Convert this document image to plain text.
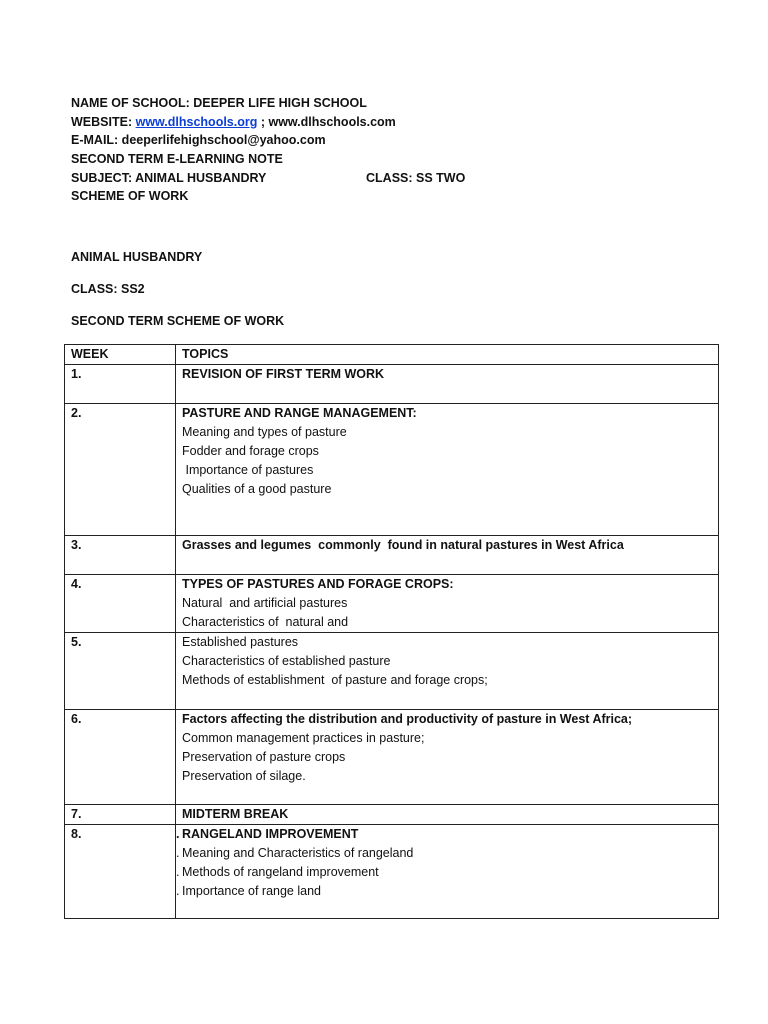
NAME OF SCHOOL: DEEPER LIFE HIGH SCHOOL
WEBSITE: www.dlhschools.org ; www.dlhschools.com
E-MAIL: deeperlifehighschool@yahoo.com
SECOND TERM E-LEARNING NOTE
SUBJECT: ANIMAL HUSBANDRY	CLASS: SS TWO
SCHEME OF WORK
ANIMAL HUSBANDRY
CLASS: SS2
SECOND TERM SCHEME OF WORK
WEEK	TOPICS
1.	REVISION OF FIRST TERM WORK

2.	PASTURE AND RANGE MANAGEMENT:
Meaning and types of pasture
Fodder and forage crops
Importance of pastures
Qualities of a good pasture

3.	Grasses and legumes  commonly  found in natural pastures in West Africa

4.	TYPES OF PASTURES AND FORAGE CROPS:
Natural  and artificial pastures
Characteristics of  natural and

5.	Established pastures
Characteristics of established pasture
Methods of establishment  of pasture and forage crops;

6.	Factors affecting the distribution and productivity of pasture in West Africa;
Common management practices in pasture;
Preservation of pasture crops
Preservation of silage.

7.	MIDTERM BREAK

8.	. RANGELAND IMPROVEMENT
. Meaning and Characteristics of rangeland
. Methods of rangeland improvement
. Importance of range land
